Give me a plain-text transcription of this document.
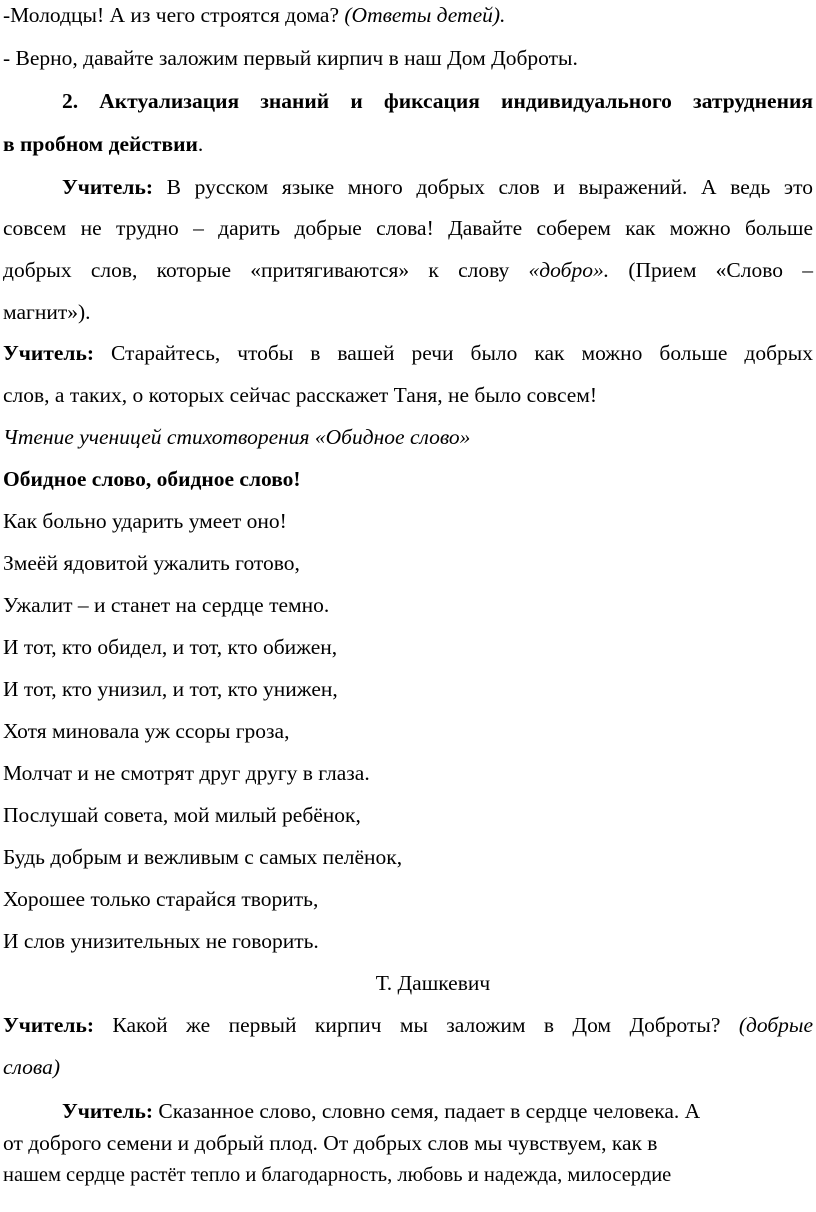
-Молодцы! А из чего строятся дома? (Ответы детей).
- Верно, давайте заложим первый кирпич в наш Дом Доброты.
2. Актуализация знаний и фиксация индивидуального затруднения
в пробном действии.
Учитель: В русском языке много добрых слов и выражений. А ведь это
совсем не трудно – дарить добрые слова! Давайте соберем как можно больше
добрых слов, которые «притягиваются» к слову «добро». (Прием «Слово –
магнит»).
Учитель: Старайтесь, чтобы в вашей речи было как можно больше добрых
слов, а таких, о которых сейчас расскажет Таня, не было совсем!
Чтение ученицей стихотворения «Обидное слово»
Обидное слово, обидное слово!
Как больно ударить умеет оно!
Змеёй ядовитой ужалить готово,
Ужалит – и станет на сердце темно.
И тот, кто обидел, и тот, кто обижен,
И тот, кто унизил, и тот, кто унижен,
Хотя миновала уж ссоры гроза,
Молчат и не смотрят друг другу в глаза.
Послушай совета, мой милый ребёнок,
Будь добрым и вежливым с самых пелёнок,
Хорошее только старайся творить,
И слов унизительных не говорить.
Т. Дашкевич
Учитель: Какой же первый кирпич мы заложим в Дом Доброты? (добрые
слова)
Учитель: Сказанное слово, словно семя, падает в сердце человека. А
от доброго семени и добрый плод. От добрых слов мы чувствуем, как в
нашем сердце растёт тепло и благодарность, любовь и надежда, милосердие
